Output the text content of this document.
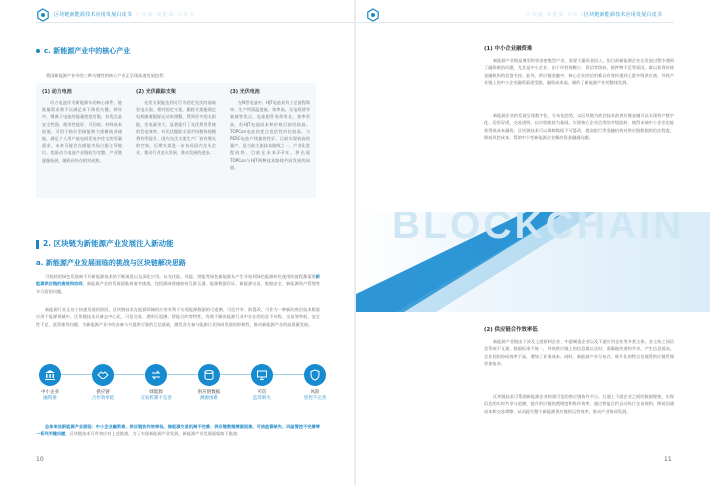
区块链新能源技术应用发展白皮书 区块链 新能源 白皮书
c. 新能源产业中的核心产业

我国新能源产业中的三种关键性的核心产业正呈现高速发展趋势：

(1) 动力电池
动力电池作为新能源车的核心部件，能耗量需求将不以满足本下降的关键。两年中，锂离子电池的能量密度有限，但优点是安全性强、使用性能好、可回收。材料成本较低，可用于箱位型储能和大规模商业储能，满足个人用户低电网发电中住宅的零碳需求，未来可能会在储能市场占据主导地位。优质动力电池产业链较为完整，产业链逐渐拓展，融资向外在相对成熟。
(2) 光伏跟踪支架
光伏支架能达到可行为固定光伏的基础发电支架。相对固定支架，跟踪支架能满足电机随着跟踪运动来调整，得到更多的太阳能，发电量更大，显著提升了光伏利用系统的发电效率，对光伏跟踪支架市场整体规模将有所提升。国内光伏支架生产厂家有增长的空间，后期支架进一步布局国内龙头企业，推动行业龙头发展，推动发展的进步。
(3) 光伏电池
在N型电池中，HJT电池具有工艺流程简单、生产所需温度低、效率高、无电致诱导衰减等优点，电池组件寿命更长，效率更高，但HJT电池成本和价格目前仍较高。TOPCon电池的优点包括性价比较高，与PERC电池产线兼容性好，目前实现较高的量产，是当前主流技术路线之一，产业化进程较快。目前在未来2-3年，将出现TOPCon与HJT两种技术路线共同发展的局面。
2. 区块链为新能源产业发展注入新动能
a. 新能源产业发展面临的挑战与区块链解决思路

可持续的绿色发展离不开新能源技术的不断演进以及深化应用，从光伏能、风能、图能等绿色新能源从产生开始到绿色能源转化使用的流程都需要新能源供应链的高效和协同，新能源产业的发展面临着诸多挑战，包括源网荷储如何互联互通、能源数据存证、新能源交易、数据安全、新能源资产管理等多方面的问题。

新能源行业正处于快速发展的阶段，区块链技术在能源领域的应用有利于实现能源数据的可追溯、可信共享、防篡改，可作为一种新的底层技术框架应用于能源领域中。区块链技术具备去中心化、可信交易、透明可追溯、智能合约等特性，有助于解决能源行业中存在的信息不对称、交易效率低、安全性不足、监管难等问题，为新能源产业中的各参与方提供可靠的互信基础，激发各方参与能源行业协同发展的积极性，推动新能源产业的高质量发展。

中小企业
融资难
供应链
合作效率低
绿能源
交易机制不完善
供应链数据
溯源困难
可信
监管缺失
风险
管控不完善

总体来说新能源产业面临：中小企业融资难、供应链协作效率低、绿能源交易机制不完善、供应链数据溯源困难、可信监管缺失、风险管控不完善等一系列关键问题，区块链技术可有效应对上述挑战。为了实现新能源产业发展，新能源产业发展面临如下挑战：

10
区块链 新能源 白皮书
区块链新能源技术应用发展白皮书
(1) 中小企业融资难

新能源产业链是典型的资金密集型产业，需要大量资金投入，但目前新能源企业在发展过程中遇到了融资难的问题，尤其是中小企业，由于经营规模小、资信等级低、抵押物不足等原因，难以获得传统金融机构的信贷支持。此外，供应链金融中，核心企业的信用难以有效传递到上游多级供应商，导致产业链上的中小企业融资渠道受限、融资成本高，制约了新能源产业的整体发展。

新能源企业的发展呈现数字化、分布化趋势，以区块链为底层技术的供应链金融可以实现资产数字化、信用穿透、交易透明，以应收账款为基础，实现核心企业信用的多级流转，使得末端中小企业也能获得低成本融资。区块链技术可以保障数据不可篡改，提高银行等金融机构对供应链数据的信任程度，降低风控成本，帮助中小型新能源企业解决资金融通问题。

BLOCKCHAIN
(2) 供应链合作效率低

新能源产业链由于涉及上游原料企业、中游制造企业以及下游应用企业等多类主体，各主体之间信息系统不互通、数据标准不统一，导致供应链上的信息难以及时、准确地传递和共享，产生信息孤岛，企业间的协同效率不高，增加了业务成本。同时，新能源产业分布式、碎片化的特点也使得供应链管理更加复杂。

区块链技术可帮助新能源企业构建可信的供应链协作平台，打通上下游企业之间的数据壁垒，实现信息的实时共享与追溯，提升供应链的透明度和协作效率。通过智能合约自动执行交易规则，降低沟通成本和交易摩擦，从而提升整个新能源供应链的运营效率，推动产业协同发展。

11
